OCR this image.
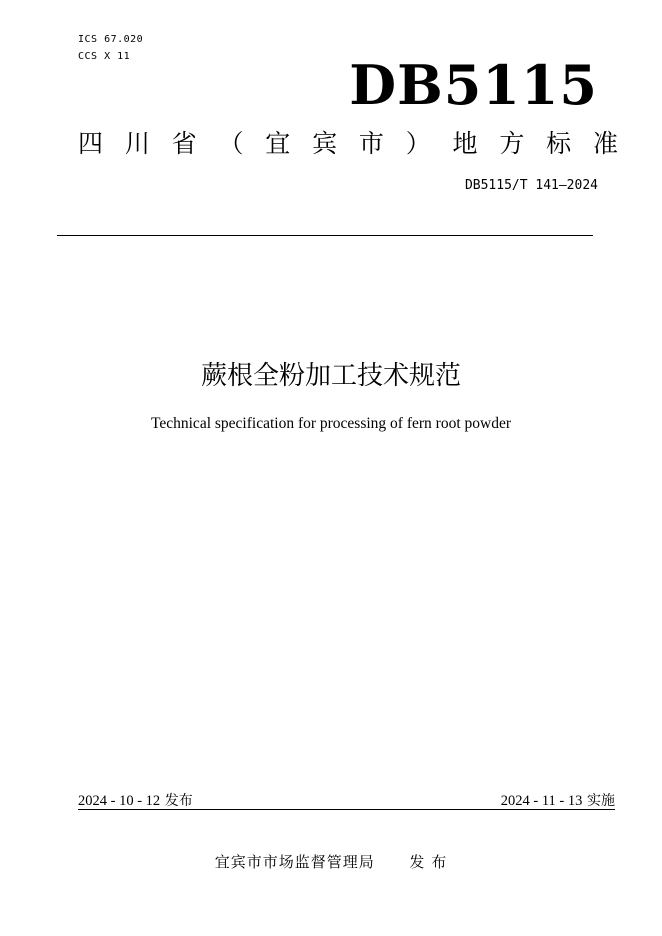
ICS 67.020
CCS X 11	DB5115
四 川 省 （ 宜 宾 市 ） 地 方 标 准
DB5115/T 141—2024
蕨根全粉加工技术规范
Technical specification for processing of fern root powder
2024 - 10 - 12 发布	2024 - 11 - 13 实施
宜宾市市场监督管理局 发 布
